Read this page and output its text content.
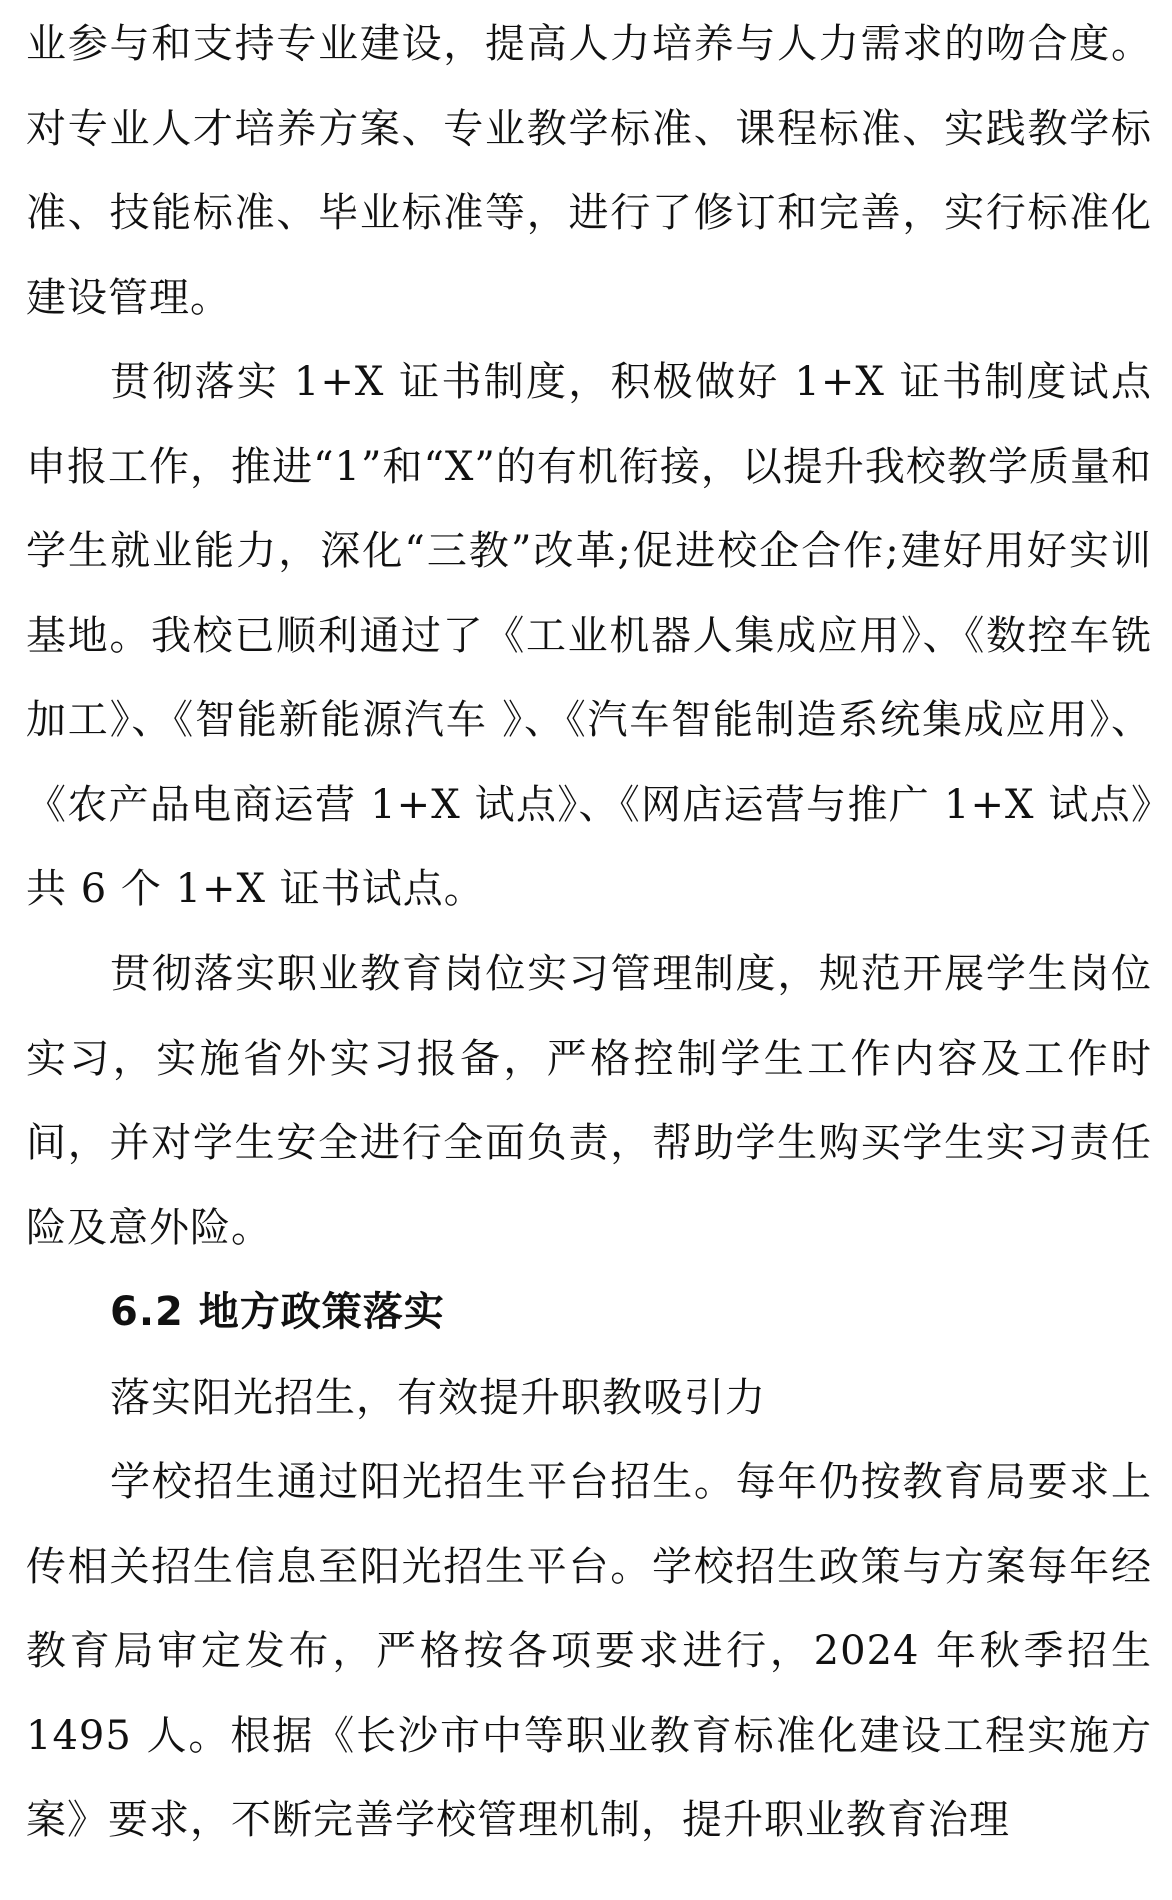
业参与和支持专业建设，提高人力培养与人力需求的吻合度。对专业人才培养方案、专业教学标准、课程标准、实践教学标准、技能标准、毕业标准等，进行了修订和完善，实行标准化建设管理。

贯彻落实 1+X 证书制度，积极做好 1+X 证书制度试点申报工作，推进“1”和“X”的有机衔接，以提升我校教学质量和学生就业能力，深化“三教”改革;促进校企合作;建好用好实训基地。我校已顺利通过了《工业机器人集成应用》、《数控车铣加工》、《智能新能源汽车 》、《汽车智能制造系统集成应用》、《农产品电商运营 1+X 试点》、《网店运营与推广 1+X 试点》共 6 个 1+X 证书试点。

贯彻落实职业教育岗位实习管理制度，规范开展学生岗位实习，实施省外实习报备，严格控制学生工作内容及工作时间，并对学生安全进行全面负责，帮助学生购买学生实习责任险及意外险。

6.2 地方政策落实

落实阳光招生，有效提升职教吸引力

学校招生通过阳光招生平台招生。每年仍按教育局要求上传相关招生信息至阳光招生平台。学校招生政策与方案每年经教育局审定发布，严格按各项要求进行，2024 年秋季招生 1495 人。根据《长沙市中等职业教育标准化建设工程实施方案》要求，不断完善学校管理机制，提升职业教育治理
